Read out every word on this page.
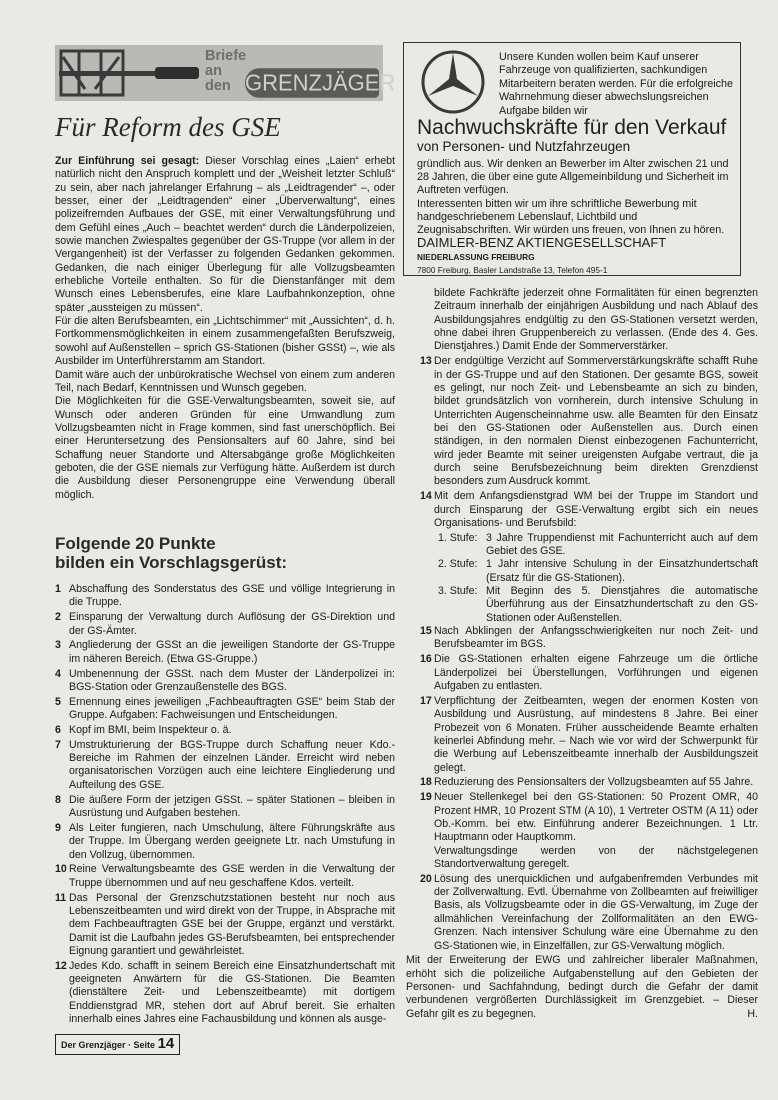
Briefe
an
den GRENZJÄGER
Für Reform des GSE

Zur Einführung sei gesagt: Dieser Vorschlag eines „Laien“ erhebt natürlich nicht den Anspruch komplett und der „Weisheit letzter Schluß“ zu sein, aber nach jahrelanger Erfahrung – als „Leidtragender“ –, oder besser, einer der „Leidtragenden“ einer „Überverwaltung“, eines polizeifremden Aufbaues der GSE, mit einer Verwaltungsführung und dem Gefühl eines „Auch – beachtet werden“ durch die Länderpolizeien, sowie manchen Zwiespaltes gegenüber der GS-Truppe (vor allem in der Vergangenheit) ist der Verfasser zu folgenden Gedanken gekommen. Gedanken, die nach einiger Überlegung für alle Vollzugsbeamten erhebliche Vorteile enthalten. So für die Dienstanfänger mit dem Wunsch eines Lebensberufes, eine klare Laufbahnkonzeption, ohne später „aussteigen zu müssen“.

Für die alten Berufsbeamten, ein „Lichtschimmer“ mit „Aussichten“, d. h. Fortkommensmöglichkeiten in einem zusammengefaßten Berufszweig, sowohl auf Außenstellen – sprich GS-Stationen (bisher GSSt) –, wie als Ausbilder im Unterführerstamm am Standort.

Damit wäre auch der unbürokratische Wechsel von einem zum anderen Teil, nach Bedarf, Kenntnissen und Wunsch gegeben.

Die Möglichkeiten für die GSE-Verwaltungsbeamten, soweit sie, auf Wunsch oder anderen Gründen für eine Umwandlung zum Vollzugsbeamten nicht in Frage kommen, sind fast unerschöpflich. Bei einer Heruntersetzung des Pensionsalters auf 60 Jahre, sind bei Schaffung neuer Standorte und Altersabgänge große Möglichkeiten geboten, die der GSE niemals zur Verfügung hätte. Außerdem ist durch die Ausbildung dieser Personengruppe eine Verwendung überall möglich.

Folgende 20 Punkte
bilden ein Vorschlagsgerüst:
1 Abschaffung des Sonderstatus des GSE und völlige Integrierung in die Truppe.
2 Einsparung der Verwaltung durch Auflösung der GS-Direktion und der GS-Ämter.
3 Angliederung der GSSt an die jeweiligen Standorte der GS-Truppe im näheren Bereich. (Etwa GS-Gruppe.)
4 Umbenennung der GSSt. nach dem Muster der Länderpolizei in: BGS-Station oder Grenzaußenstelle des BGS.
5 Ernennung eines jeweiligen „Fachbeauftragten GSE“ beim Stab der Gruppe. Aufgaben: Fachweisungen und Entscheidungen.
6 Kopf im BMI, beim Inspekteur o. ä.
7 Umstrukturierung der BGS-Truppe durch Schaffung neuer Kdo.-Bereiche im Rahmen der einzelnen Länder. Erreicht wird neben organisatorischen Vorzügen auch eine leichtere Eingliederung und Aufteilung des GSE.
8 Die äußere Form der jetzigen GSSt. – später Stationen – bleiben in Ausrüstung und Aufgaben bestehen.
9 Als Leiter fungieren, nach Umschulung, ältere Führungskräfte aus der Truppe. Im Übergang werden geeignete Ltr. nach Umstufung in den Vollzug, übernommen.
10 Reine Verwaltungsbeamte des GSE werden in die Verwaltung der Truppe übernommen und auf neu geschaffene Kdos. verteilt.
11 Das Personal der Grenzschutzstationen besteht nur noch aus Lebenszeitbeamten und wird direkt von der Truppe, in Absprache mit dem Fachbeauftragten GSE bei der Gruppe, ergänzt und verstärkt. Damit ist die Laufbahn jedes GS-Berufsbeamten, bei entsprechender Eignung garantiert und gewährleistet.
12 Jedes Kdo. schafft in seinem Bereich eine Einsatzhundertschaft mit geeigneten Anwärtern für die GS-Stationen. Die Beamten (dienstältere Zeit- und Lebenszeitbeamte) mit dortigem Enddienstgrad MR, stehen dort auf Abruf bereit. Sie erhalten innerhalb eines Jahres eine Fachausbildung und können als ausge-
Der Grenzjäger · Seite 14
Unsere Kunden wollen beim Kauf unserer Fahrzeuge von qualifizierten, sachkundigen Mitarbeitern beraten werden. Für die erfolgreiche Wahrnehmung dieser abwechslungsreichen Aufgabe bilden wir
Nachwuchskräfte für den Verkauf
von Personen- und Nutzfahrzeugen
gründlich aus. Wir denken an Bewerber im Alter zwischen 21 und 28 Jahren, die über eine gute Allgemeinbildung und Sicherheit im Auftreten verfügen.
Interessenten bitten wir um ihre schriftliche Bewerbung mit handgeschriebenem Lebenslauf, Lichtbild und Zeugnisabschriften. Wir würden uns freuen, von Ihnen zu hören.
DAIMLER-BENZ AKTIENGESELLSCHAFT
NIEDERLASSUNG FREIBURG
7800 Freiburg, Basler Landstraße 13, Telefon 495-1
bildete Fachkräfte jederzeit ohne Formalitäten für einen begrenzten Zeitraum innerhalb der einjährigen Ausbildung und nach Ablauf des Ausbildungsjahres endgültig zu den GS-Stationen versetzt werden, ohne dabei ihren Gruppenbereich zu verlassen. (Ende des 4. Ges. Dienstjahres.) Damit Ende der Sommerverstärker.
13 Der endgültige Verzicht auf Sommerverstärkungskräfte schafft Ruhe in der GS-Truppe und auf den Stationen. Der gesamte BGS, soweit es gelingt, nur noch Zeit- und Lebensbeamte an sich zu binden, bildet grundsätzlich von vornherein, durch intensive Schulung in Unterrichten Augenscheinnahme usw. alle Beamten für den Einsatz bei den GS-Stationen oder Außenstellen aus. Durch einen ständigen, in den normalen Dienst einbezogenen Fachunterricht, wird jeder Beamte mit seiner ureigensten Aufgabe vertraut, die ja durch seine Berufsbezeichnung beim direkten Grenzdienst besonders zum Ausdruck kommt.
14 Mit dem Anfangsdienstgrad WM bei der Truppe im Standort und durch Einsparung der GSE-Verwaltung ergibt sich ein neues Organisations- und Berufsbild:
1. Stufe: 3 Jahre Truppendienst mit Fachunterricht auch auf dem Gebiet des GSE.
2. Stufe: 1 Jahr intensive Schulung in der Einsatzhundertschaft (Ersatz für die GS-Stationen).
3. Stufe: Mit Beginn des 5. Dienstjahres die automatische Überführung aus der Einsatzhundertschaft zu den GS-Stationen oder Außenstellen.
15 Nach Abklingen der Anfangsschwierigkeiten nur noch Zeit- und Berufsbeamter im BGS.
16 Die GS-Stationen erhalten eigene Fahrzeuge um die örtliche Länderpolizei bei Überstellungen, Vorführungen und eigenen Aufgaben zu entlasten.
17 Verpflichtung der Zeitbeamten, wegen der enormen Kosten von Ausbildung und Ausrüstung, auf mindestens 8 Jahre. Bei einer Probezeit von 6 Monaten. Früher ausscheidende Beamte erhalten keinerlei Abfindung mehr. – Nach wie vor wird der Schwerpunkt für die Werbung auf Lebenszeitbeamte innerhalb der Ausbildungszeit gelegt.
18 Reduzierung des Pensionsalters der Vollzugsbeamten auf 55 Jahre.
19 Neuer Stellenkegel bei den GS-Stationen: 50 Prozent OMR, 40 Prozent HMR, 10 Prozent STM (A 10), 1 Vertreter OSTM (A 11) oder Ob.-Komm. bei etw. Einführung anderer Bezeichnungen. 1 Ltr. Hauptmann oder Hauptkomm.
Verwaltungsdinge werden von der nächstgelegenen Standortverwaltung geregelt.
20 Lösung des unerquicklichen und aufgabenfremden Verbundes mit der Zollverwaltung. Evtl. Übernahme von Zollbeamten auf freiwilliger Basis, als Vollzugsbeamte oder in die GS-Verwaltung, im Zuge der allmählichen Vereinfachung der Zollformalitäten an den EWG-Grenzen. Nach intensiver Schulung wäre eine Übernahme zu den GS-Stationen wie, in Einzelfällen, zur GS-Verwaltung möglich.
Mit der Erweiterung der EWG und zahlreicher liberaler Maßnahmen, erhöht sich die polizeiliche Aufgabenstellung auf den Gebieten der Personen- und Sachfahndung, bedingt durch die Gefahr der damit verbundenen vergrößerten Durchlässigkeit im Grenzgebiet. – Dieser Gefahr gilt es zu begegnen.	H.
